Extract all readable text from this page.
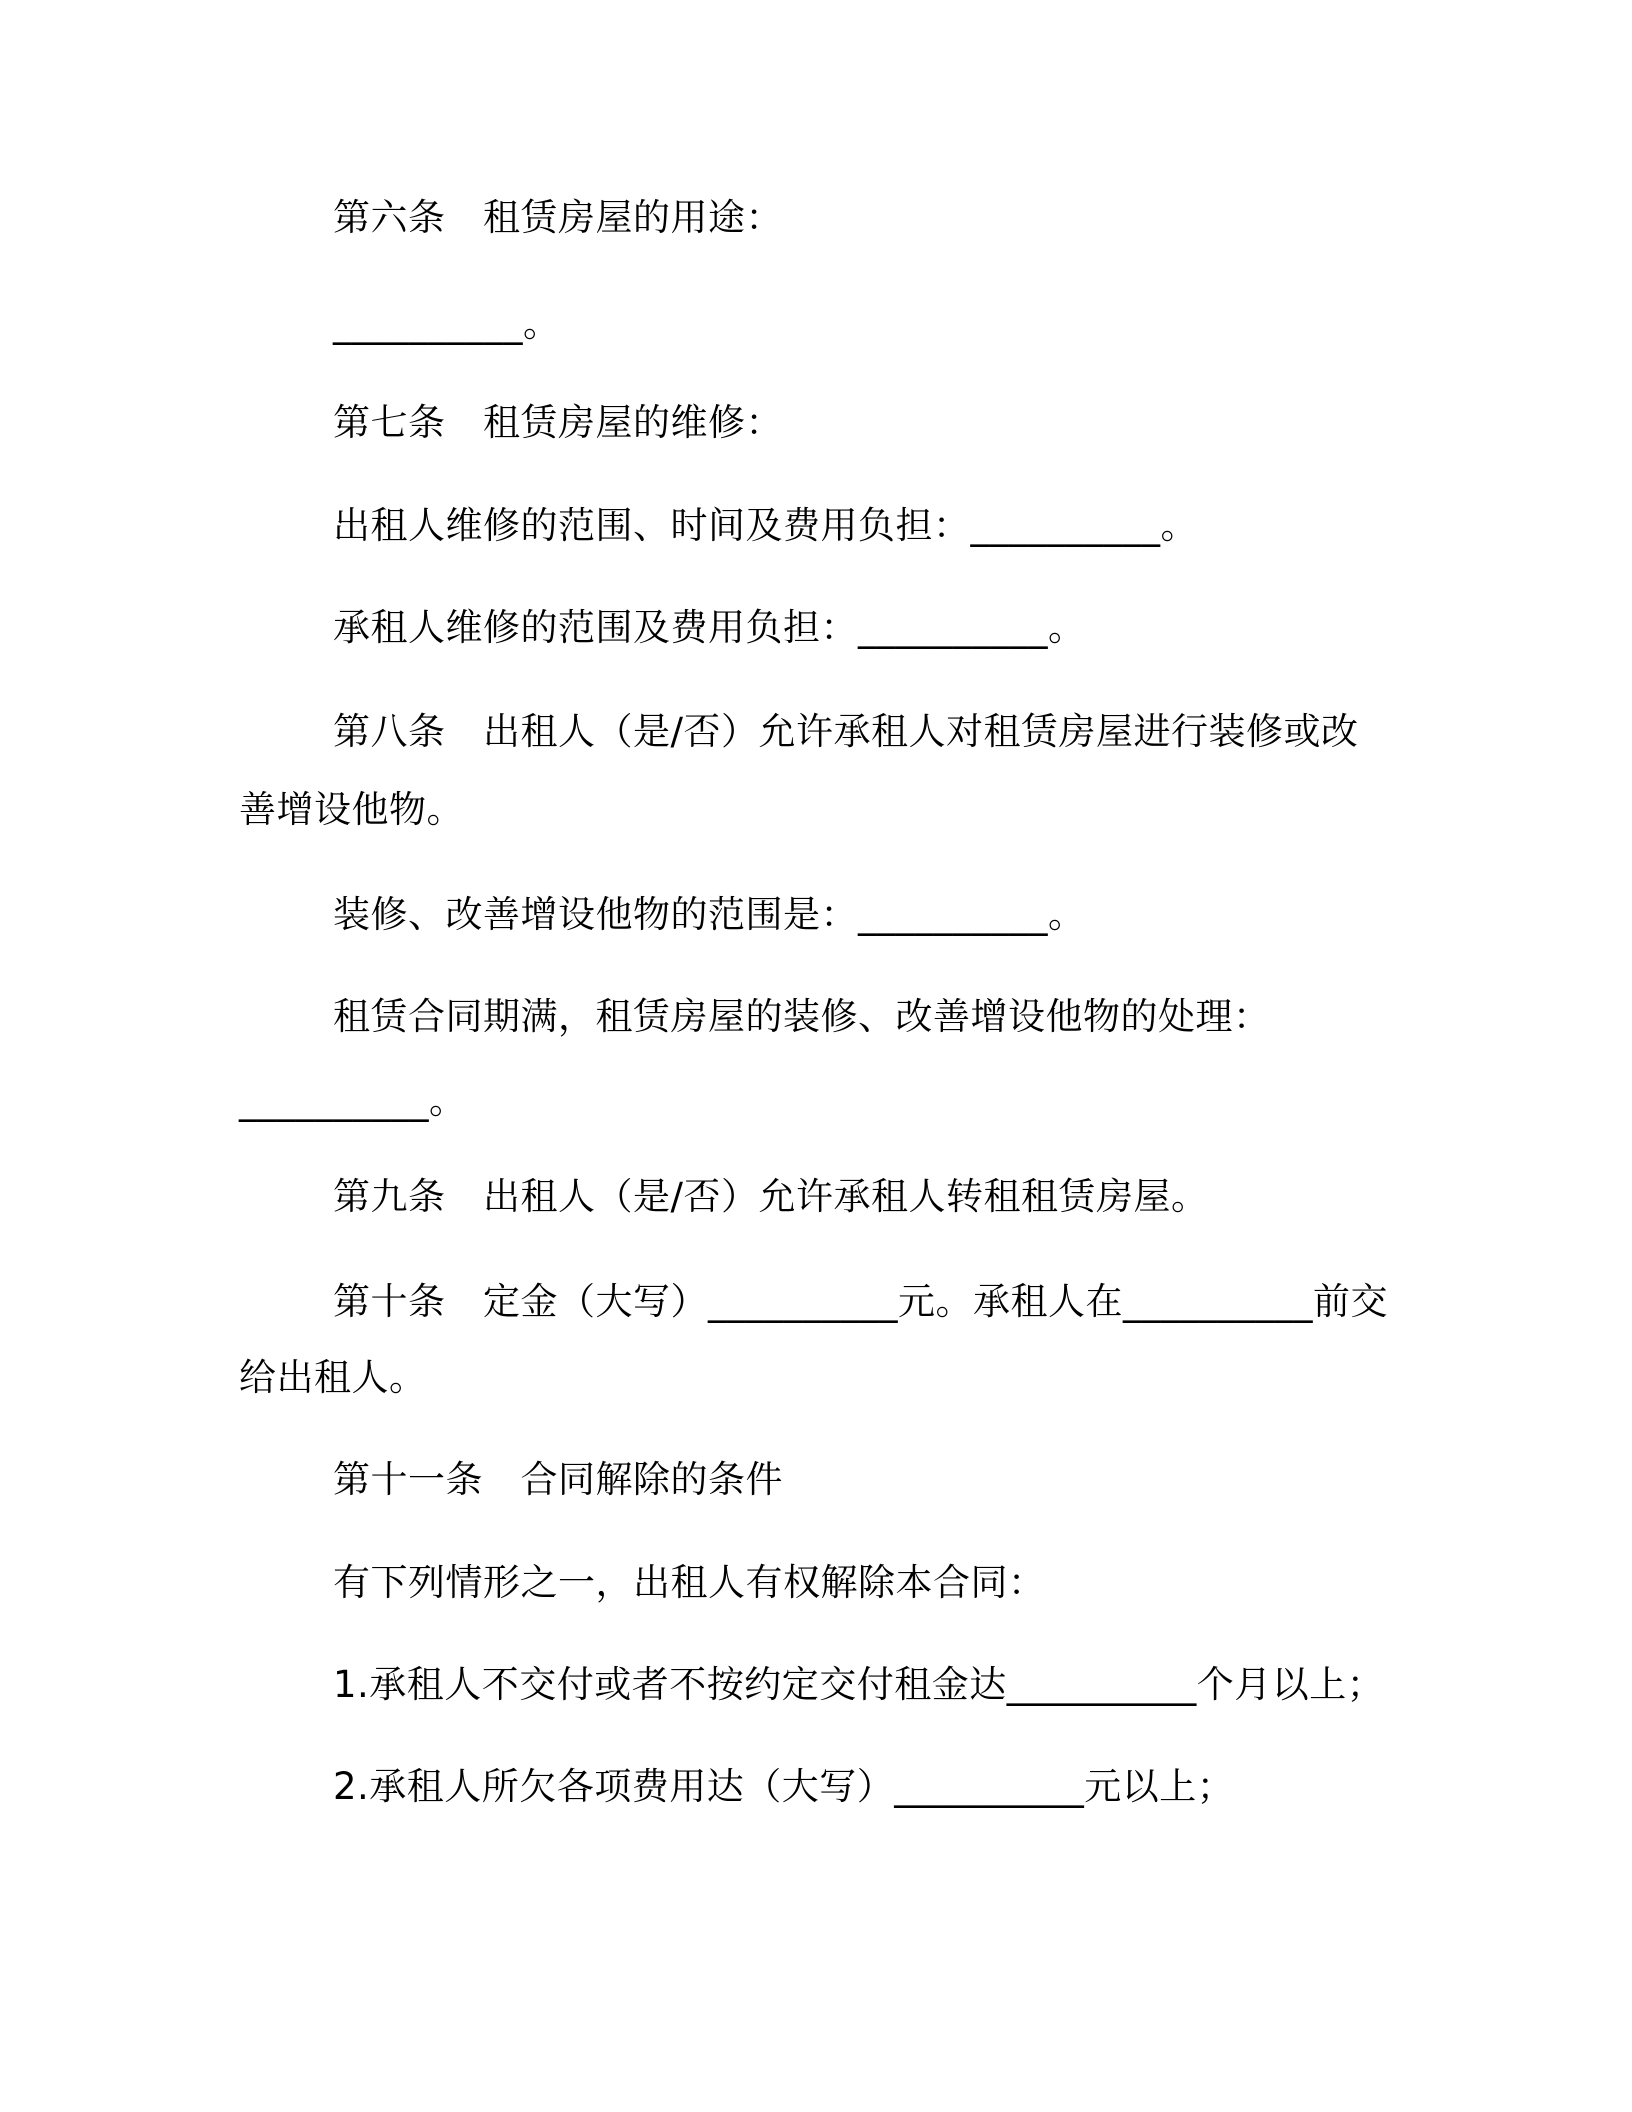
第六条　租赁房屋的用途：
__________。
第七条　租赁房屋的维修：
出租人维修的范围、时间及费用负担：__________。
承租人维修的范围及费用负担：__________。
第八条　出租人（是/否）允许承租人对租赁房屋进行装修或改
善增设他物。
装修、改善增设他物的范围是：__________。
租赁合同期满，租赁房屋的装修、改善增设他物的处理：
__________。
第九条　出租人（是/否）允许承租人转租租赁房屋。
第十条　定金（大写）__________元。承租人在__________前交
给出租人。
第十一条　合同解除的条件
有下列情形之一，出租人有权解除本合同：
1.承租人不交付或者不按约定交付租金达__________个月以上；
2.承租人所欠各项费用达（大写）__________元以上；
